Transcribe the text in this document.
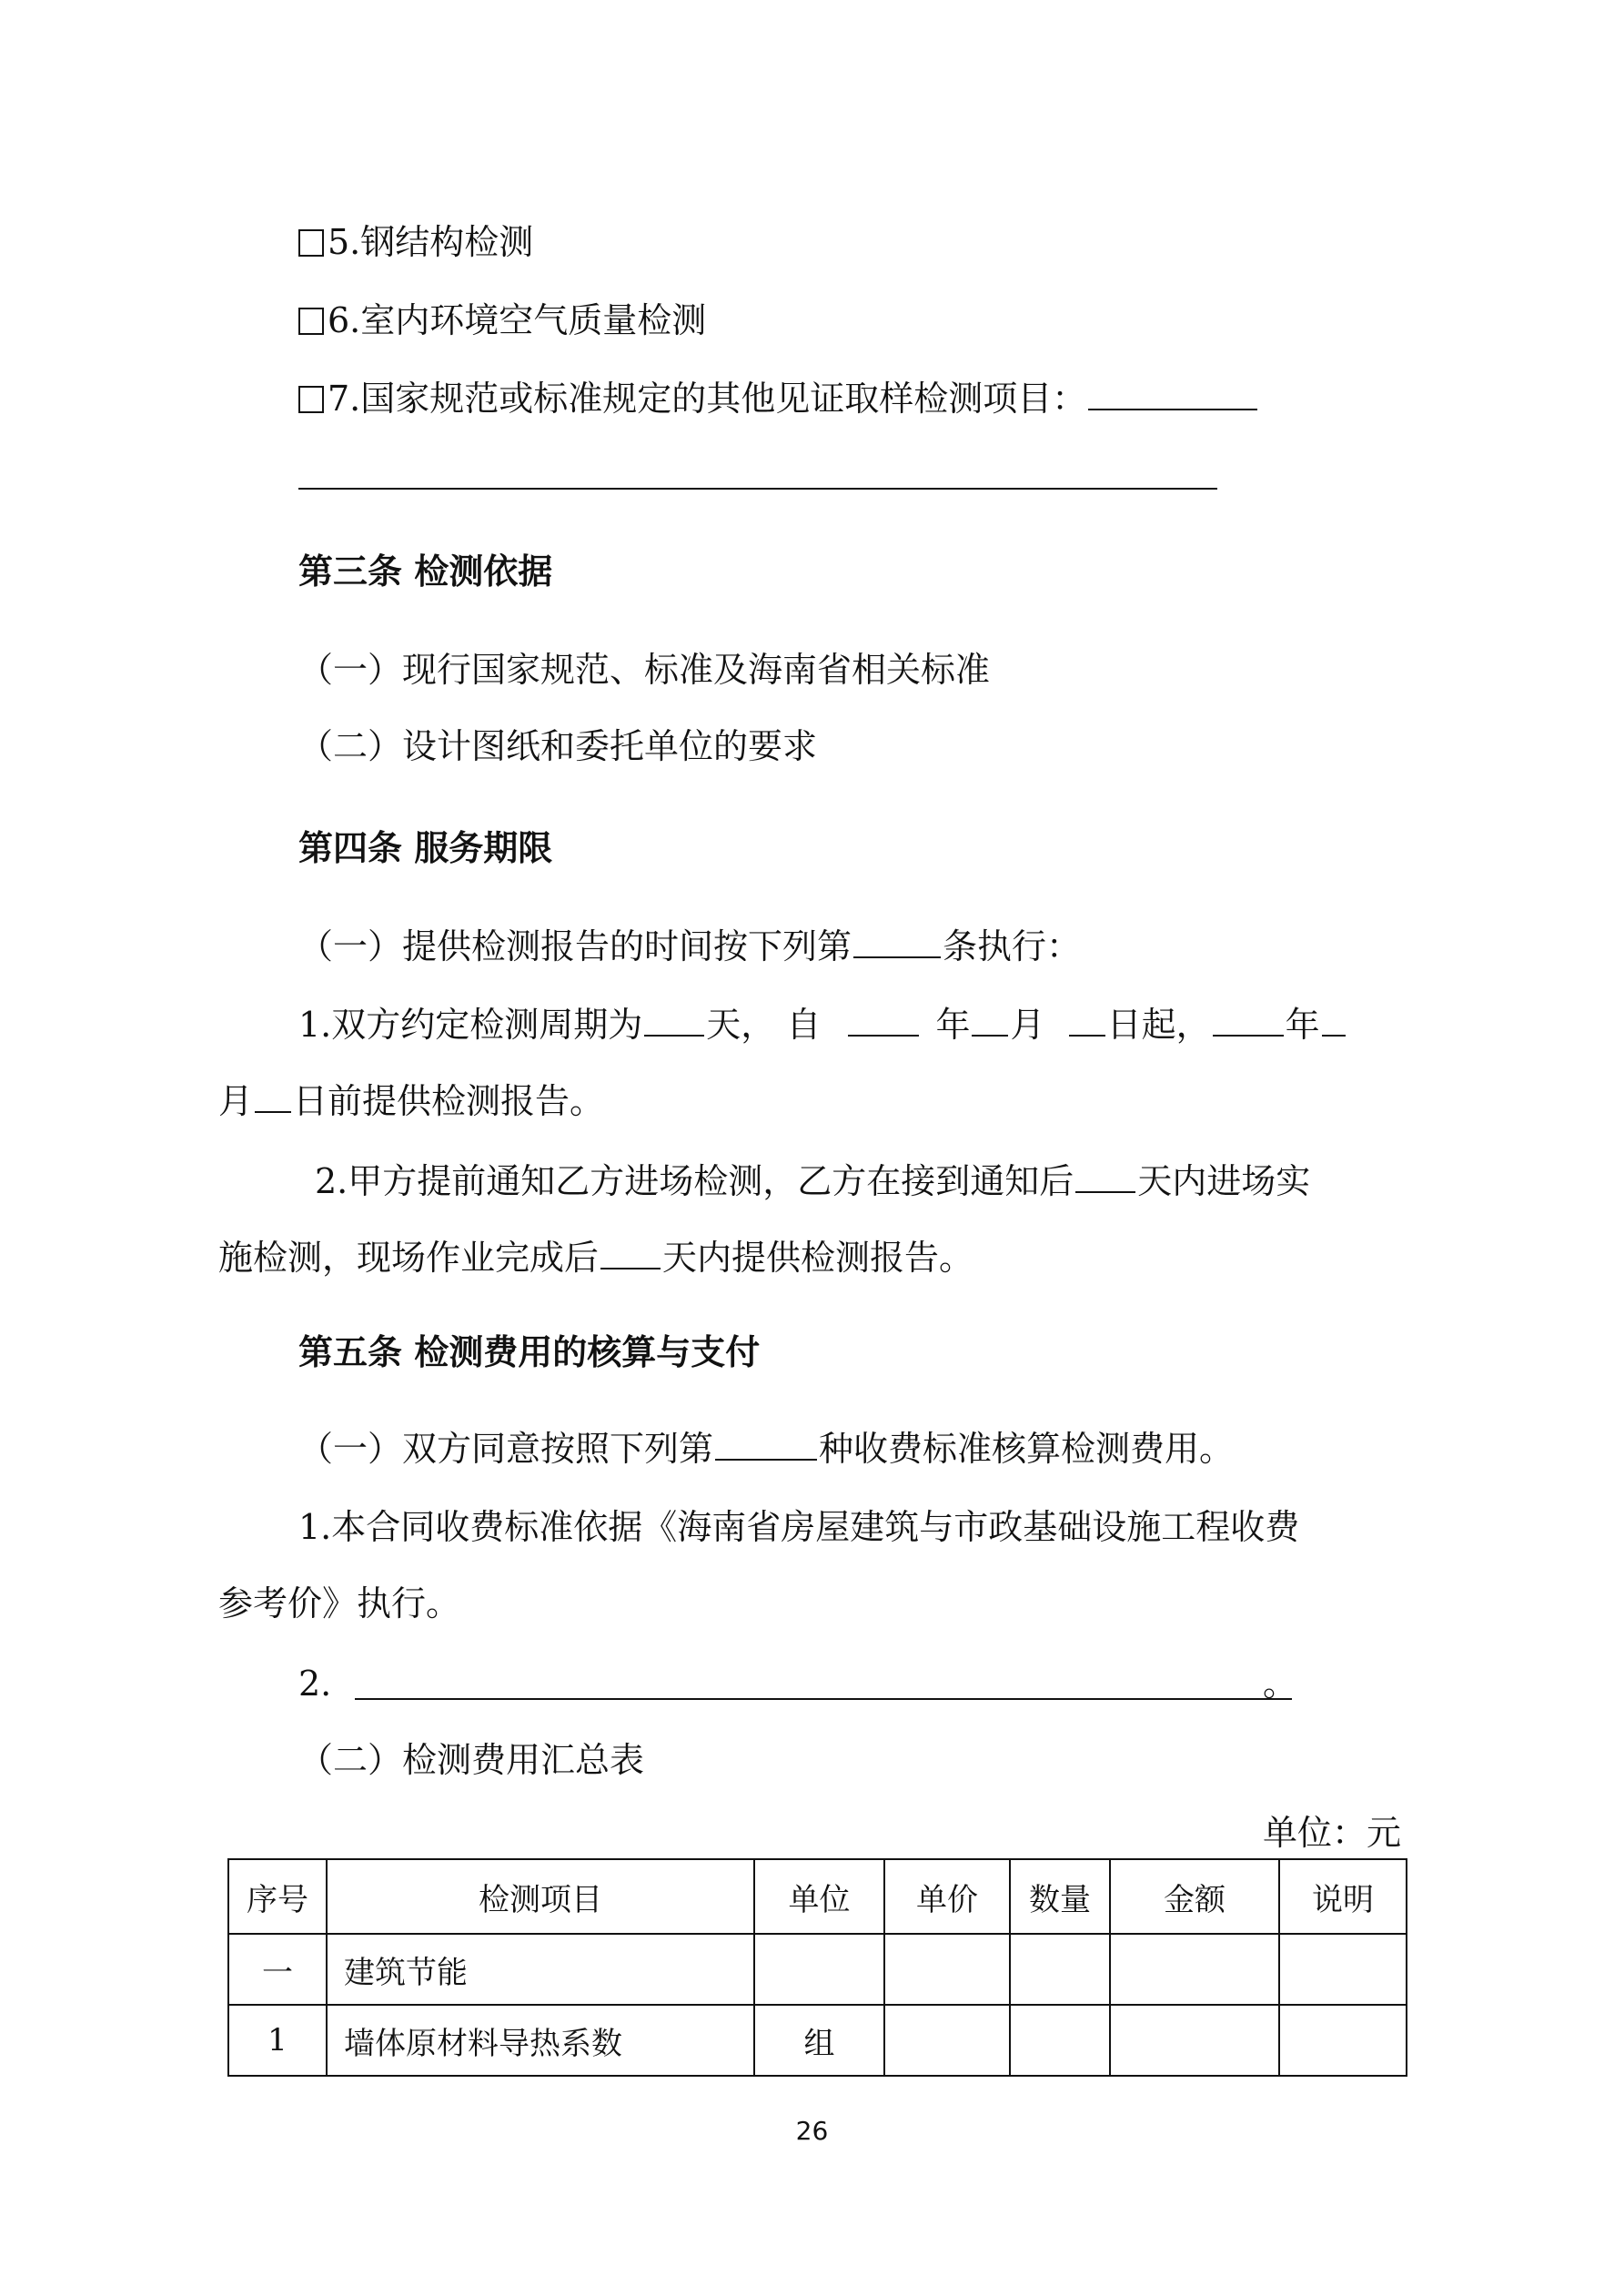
5.钢结构检测
6.室内环境空气质量检测
7.国家规范或标准规定的其他见证取样检测项目：
第三条 检测依据
（一）现行国家规范、标准及海南省相关标准
（二）设计图纸和委托单位的要求
第四条 服务期限
（一）提供检测报告的时间按下列第	条执行：
1.双方约定检测周期为 天， 自	年 月 日起， 年
月 日前提供检测报告。
2.甲方提前通知乙方进场检测，乙方在接到通知后 天内进场实
施检测，现场作业完成后 天内提供检测报告。
第五条 检测费用的核算与支付
（一）双方同意按照下列第	种收费标准核算检测费用。
1.本合同收费标准依据《海南省房屋建筑与市政基础设施工程收费
参考价》执行。
2.	。
（二）检测费用汇总表
单位：元
序号	检测项目	单位	单价	数量	金额	说明
一	建筑节能					
1	墙体原材料导热系数	组				
26
